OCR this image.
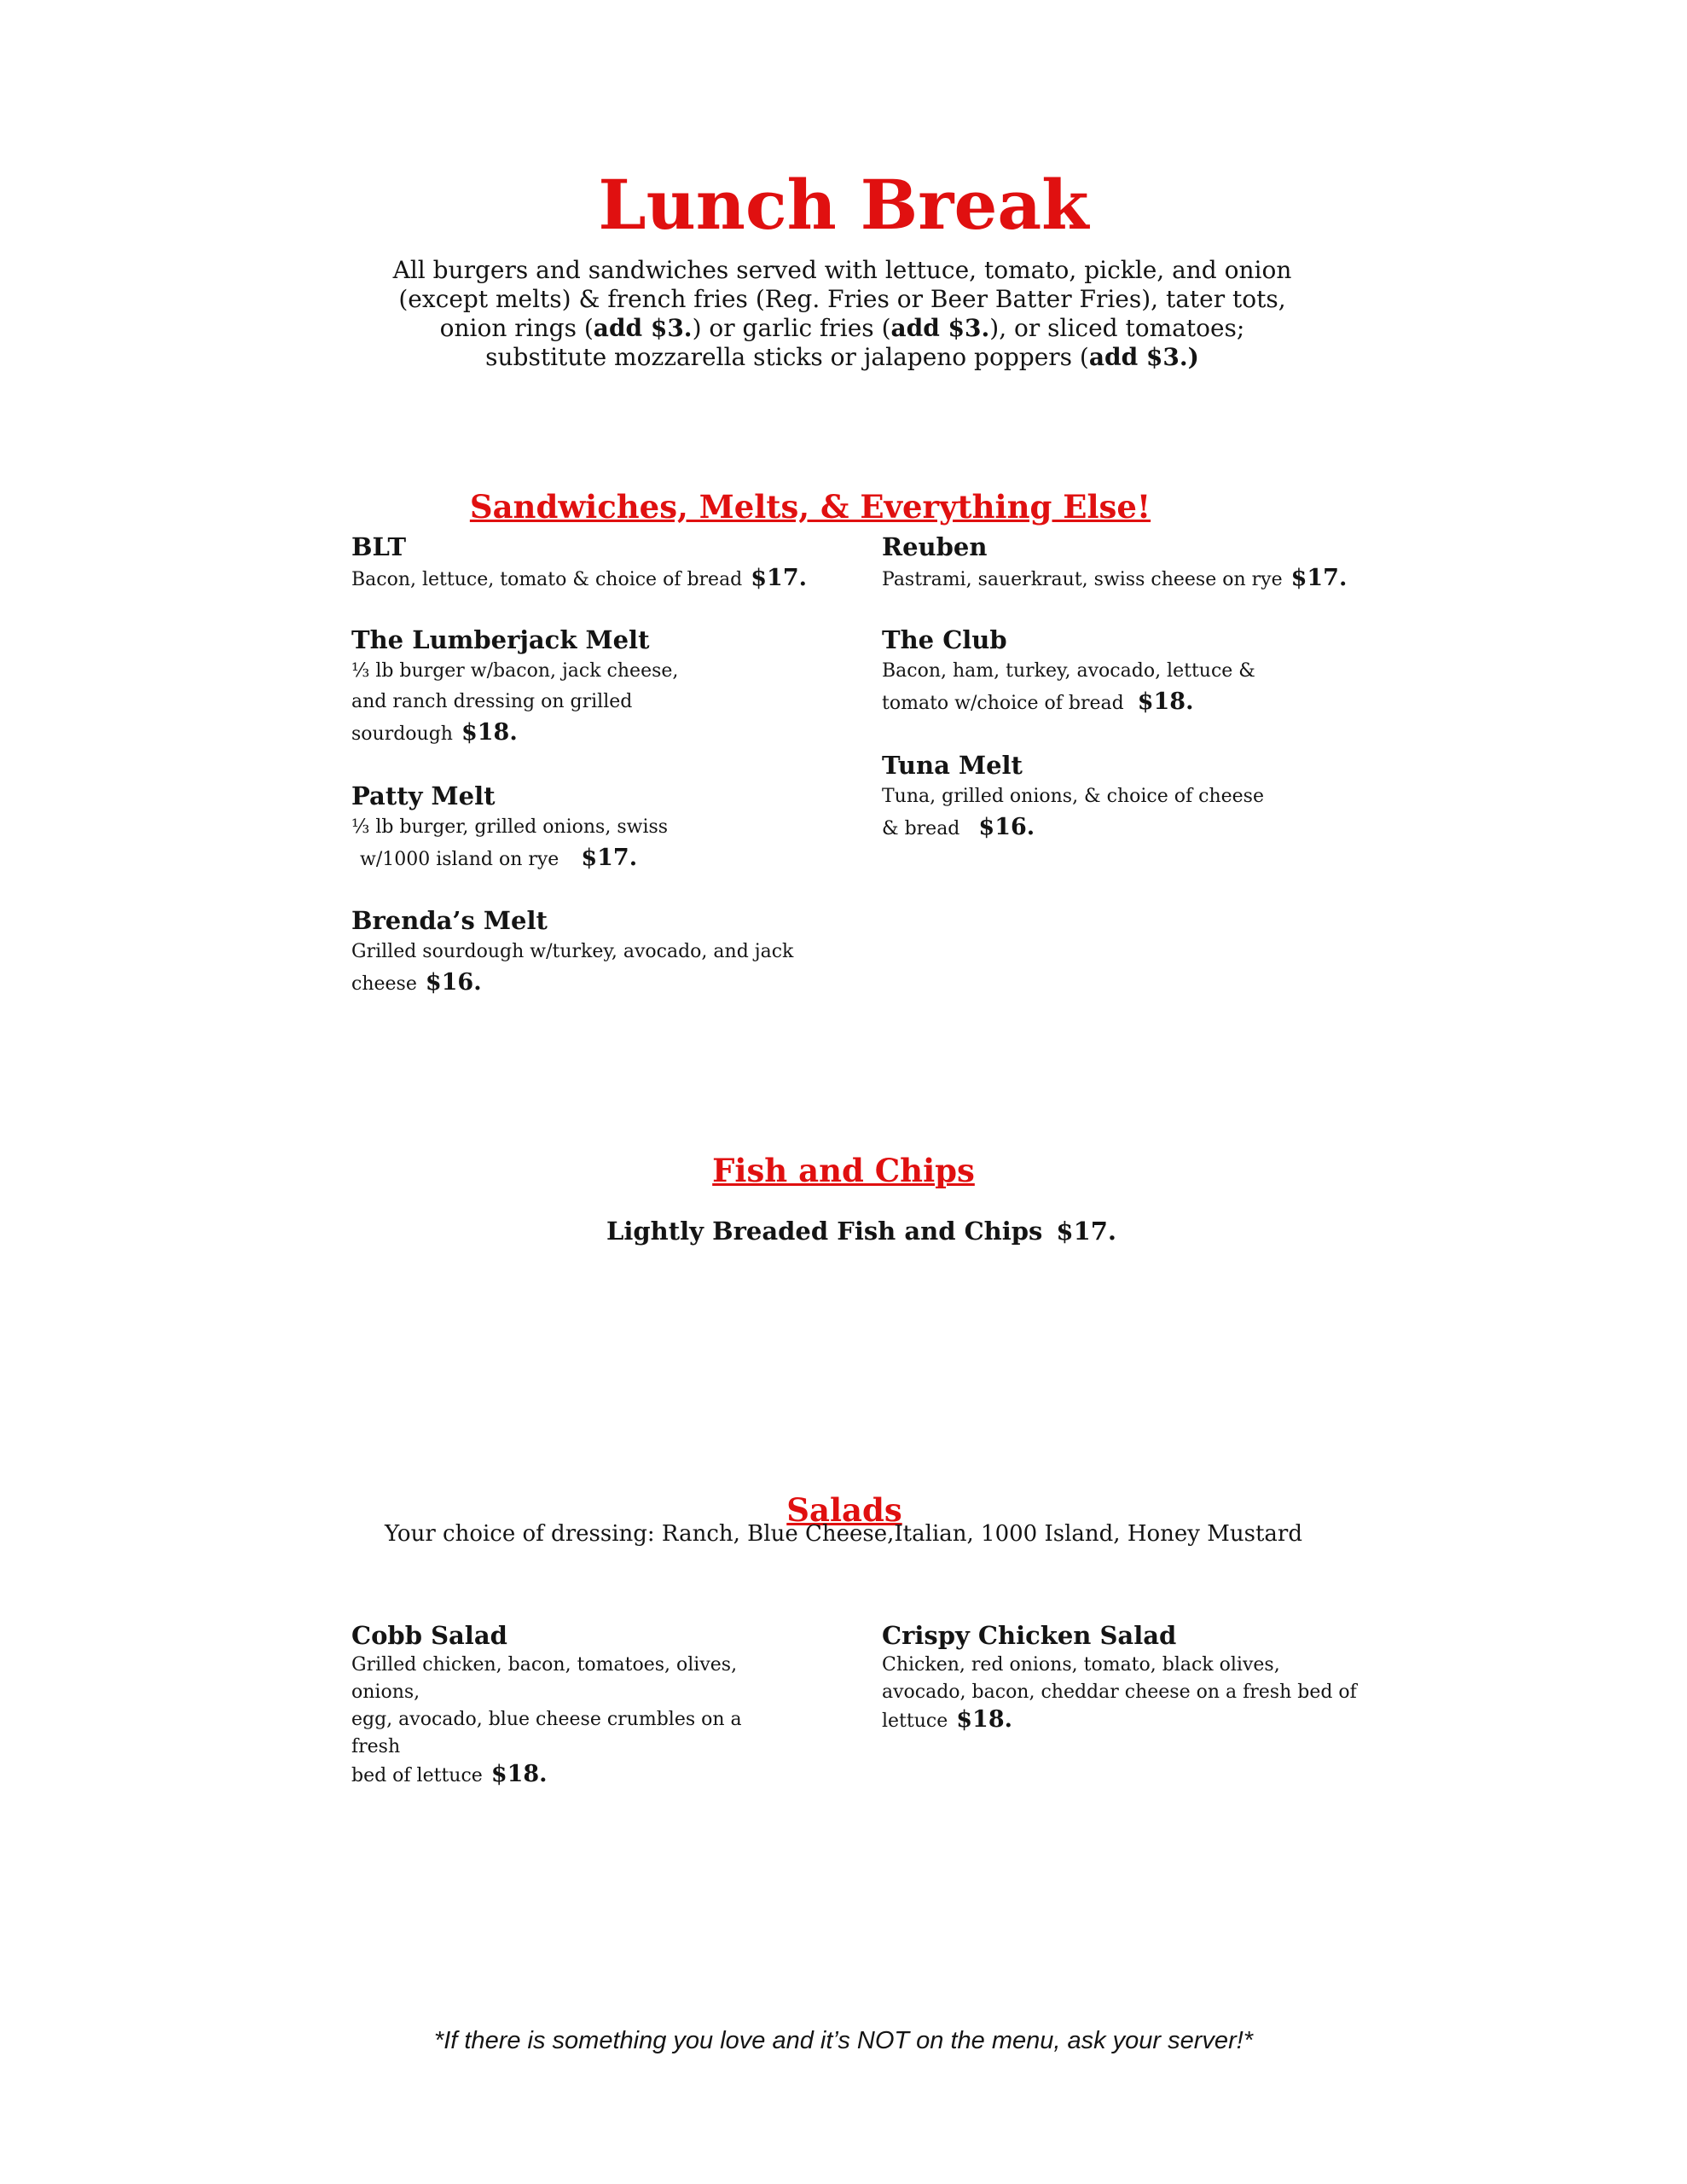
Lunch Break
All burgers and sandwiches served with lettuce, tomato, pickle, and onion (except melts) & french fries (Reg. Fries or Beer Batter Fries), tater tots, onion rings (add $3.) or garlic fries (add $3.), or sliced tomatoes; substitute mozzarella sticks or jalapeno poppers (add $3.)
Sandwiches, Melts, & Everything Else!
BLT
Bacon, lettuce, tomato & choice of bread $17.
The Lumberjack Melt
⅓ lb burger w/bacon, jack cheese,
and ranch dressing on grilled
sourdough $18.
Patty Melt
⅓ lb burger, grilled onions, swiss
w/1000 island on rye $17.
Brenda’s Melt
Grilled sourdough w/turkey, avocado, and jack cheese $16.
Reuben
Pastrami, sauerkraut, swiss cheese on rye $17.
The Club
Bacon, ham, turkey, avocado, lettuce &
tomato w/choice of bread $18.
Tuna Melt
Tuna, grilled onions, & choice of cheese
& bread $16.
Fish and Chips
Lightly Breaded Fish and Chips $17.
Salads
Your choice of dressing: Ranch, Blue Cheese,Italian, 1000 Island, Honey Mustard
Cobb Salad
Grilled chicken, bacon, tomatoes, olives, onions,
egg, avocado, blue cheese crumbles on a fresh
bed of lettuce $18.
Crispy Chicken Salad
Chicken, red onions, tomato, black olives,
avocado, bacon, cheddar cheese on a fresh bed of
lettuce $18.
*If there is something you love and it’s NOT on the menu, ask your server!*
